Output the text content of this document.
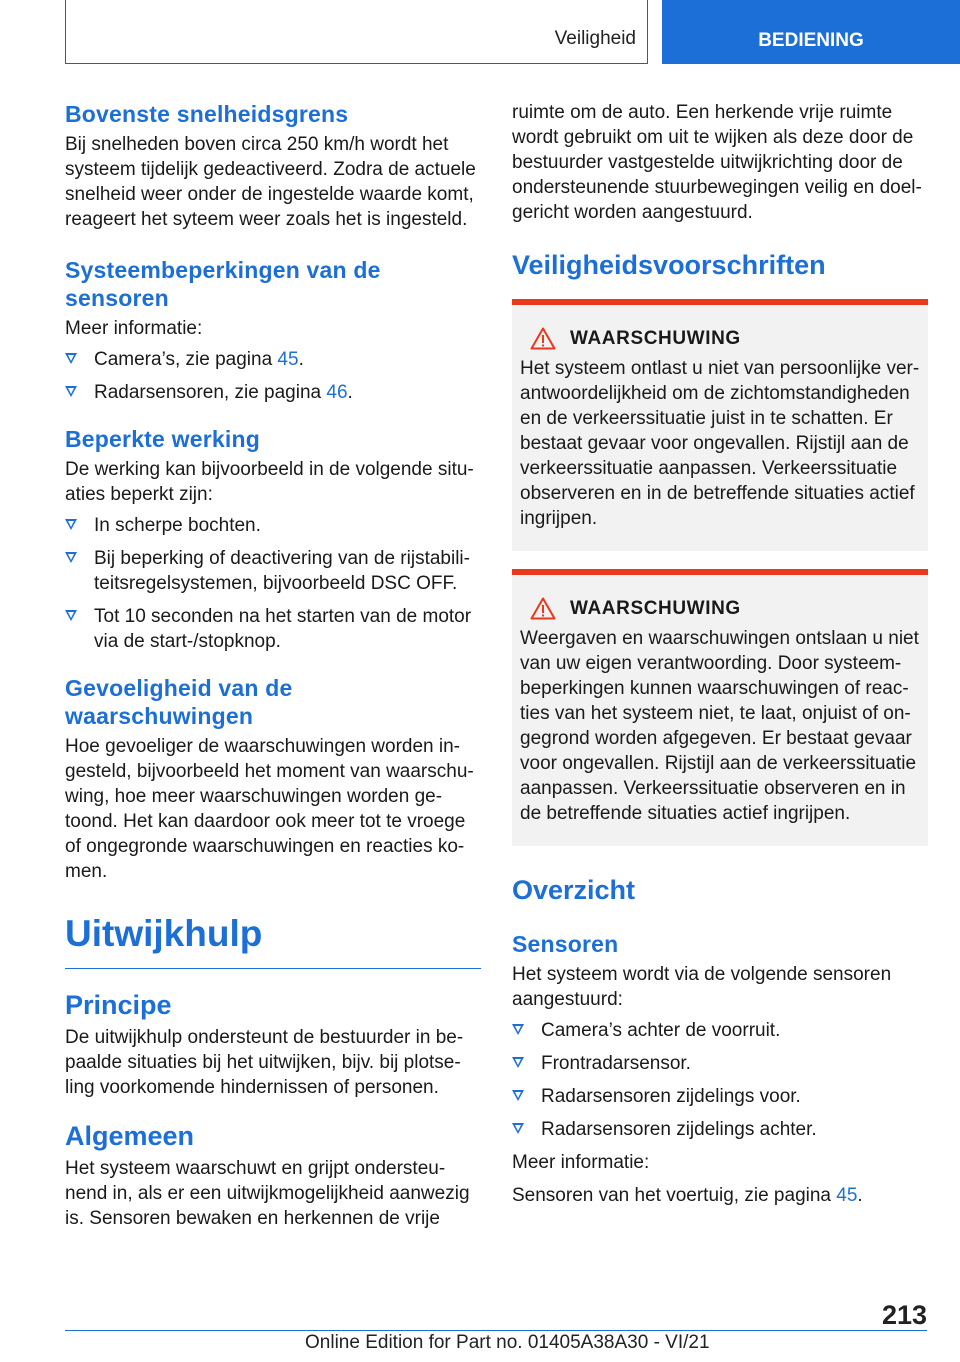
Veiligheid	BEDIENING
Bovenste snelheidsgrens

Bij snelheden boven circa 250 km/h wordt het systeem tijdelijk gedeactiveerd. Zodra de actuele snelheid weer onder de ingestelde waarde komt, reageert het syteem weer zoals het is ingesteld.

Systeembeperkingen van de sensoren

Meer informatie:

Camera’s, zie pagina 45.
Radarsensoren, zie pagina 46.
Beperkte werking

De werking kan bijvoorbeeld in de volgende situ-aties beperkt zijn:

In scherpe bochten.
Bij beperking of deactivering van de rijstabili-teitsregelsystemen, bijvoorbeeld DSC OFF.
Tot 10 seconden na het starten van de motor via de start-/stopknop.
Gevoeligheid van de waarschuwingen

Hoe gevoeliger de waarschuwingen worden in-gesteld, bijvoorbeeld het moment van waarschu-wing, hoe meer waarschuwingen worden ge-toond. Het kan daardoor ook meer tot te vroege of ongegronde waarschuwingen en reacties ko-men.

Uitwijkhulp
Principe

De uitwijkhulp ondersteunt de bestuurder in be-paalde situaties bij het uitwijken, bijv. bij plotse-ling voorkomende hindernissen of personen.

Algemeen

Het systeem waarschuwt en grijpt ondersteu-nend in, als er een uitwijkmogelijkheid aanwezig is. Sensoren bewaken en herkennen de vrije

ruimte om de auto. Een herkende vrije ruimte wordt gebruikt om uit te wijken als deze door de bestuurder vastgestelde uitwijkrichting door de ondersteunende stuurbewegingen veilig en doel-gericht worden aangestuurd.

Veiligheidsvoorschriften
WAARSCHUWING

Het systeem ontlast u niet van persoonlijke ver-antwoordelijkheid om de zichtomstandigheden en de verkeerssituatie juist in te schatten. Er bestaat gevaar voor ongevallen. Rijstijl aan de verkeerssituatie aanpassen. Verkeerssituatie observeren en in de betreffende situaties actief ingrijpen.

WAARSCHUWING

Weergaven en waarschuwingen ontslaan u niet van uw eigen verantwoording. Door systeem-beperkingen kunnen waarschuwingen of reac-ties van het systeem niet, te laat, onjuist of on-gegrond worden afgegeven. Er bestaat gevaar voor ongevallen. Rijstijl aan de verkeerssituatie aanpassen. Verkeerssituatie observeren en in de betreffende situaties actief ingrijpen.

Overzicht
Sensoren

Het systeem wordt via de volgende sensoren aangestuurd:

Camera’s achter de voorruit.
Frontradarsensor.
Radarsensoren zijdelings voor.
Radarsensoren zijdelings achter.

Meer informatie:

Sensoren van het voertuig, zie pagina 45.

213
Online Edition for Part no. 01405A38A30 - VI/21
